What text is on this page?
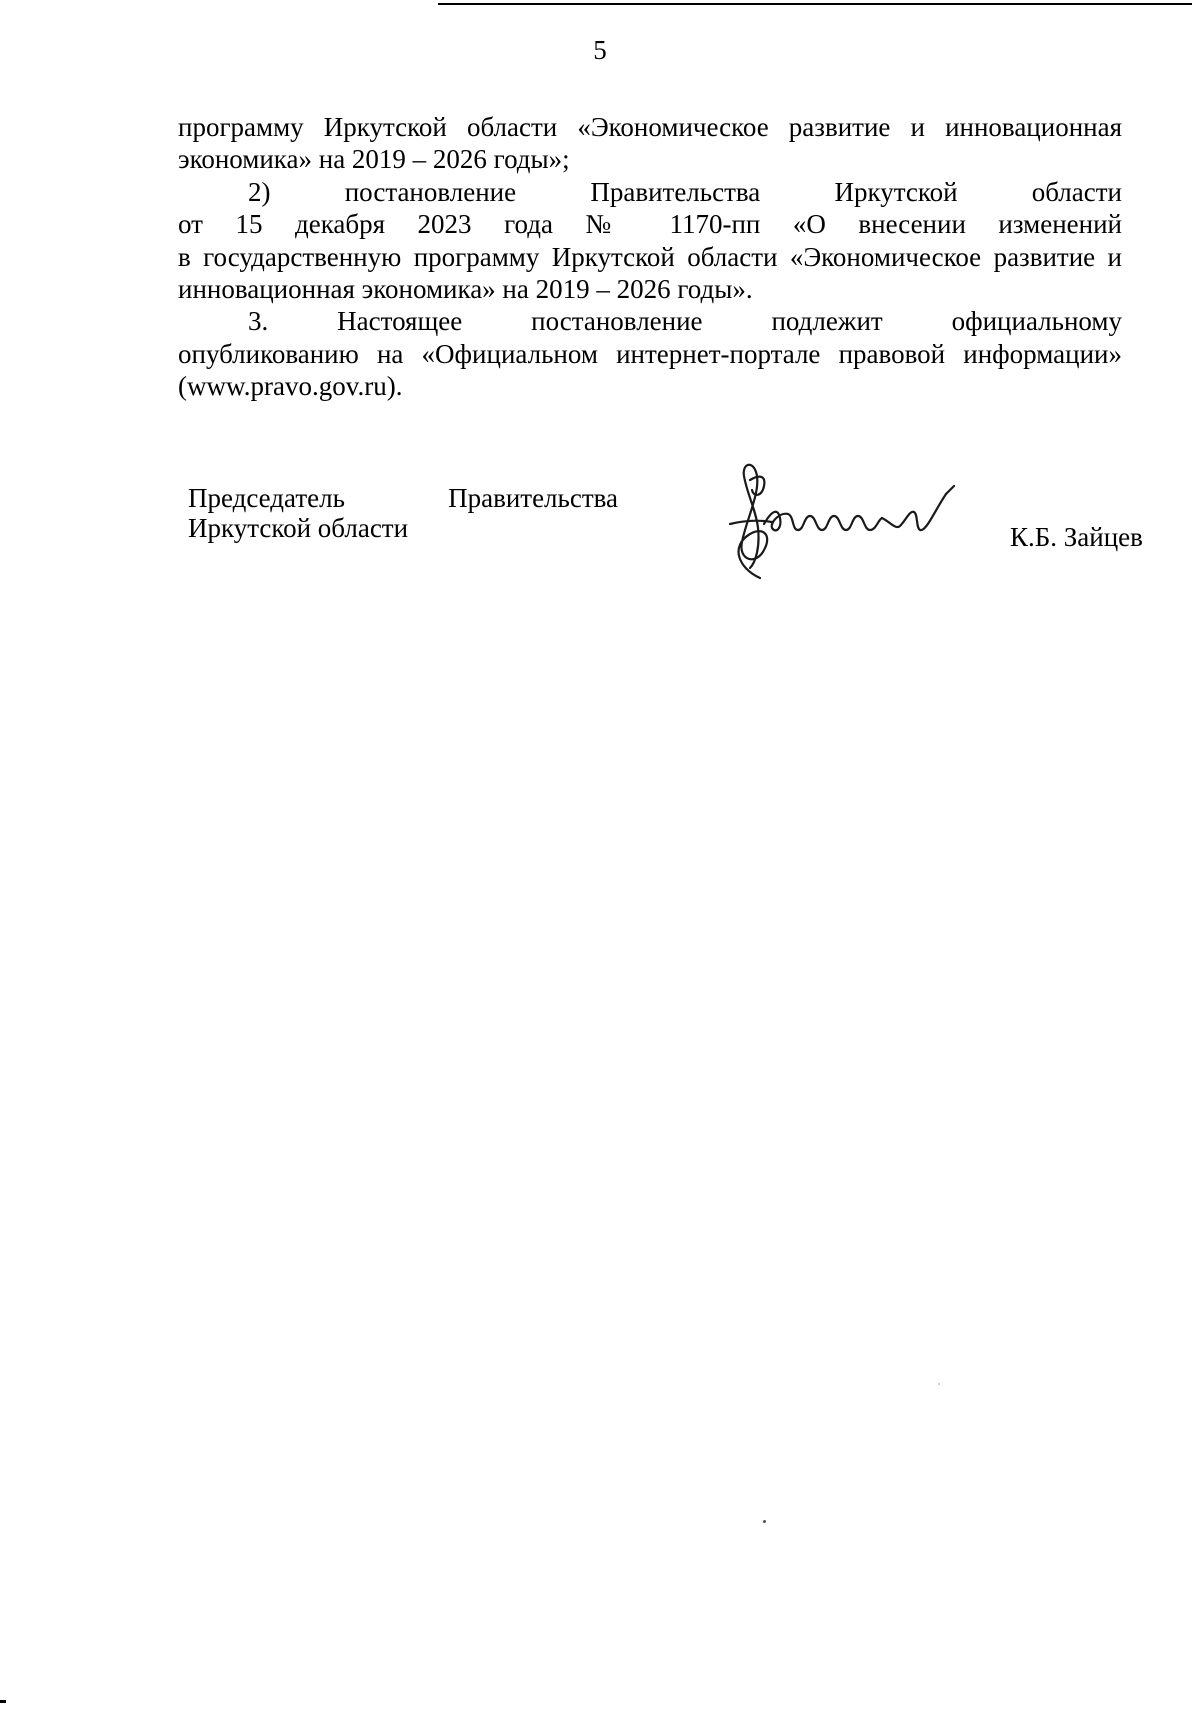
5

программу Иркутской области «Экономическое развитие и инновационная экономика» на 2019 – 2026 годы»;

2) постановление Правительства Иркутской области

от 15 декабря 2023 года № 1170-пп «О внесении изменений
в государственную программу Иркутской области «Экономическое развитие и инновационная экономика» на 2019 – 2026 годы».

3. Настоящее постановление подлежит официальному

опубликованию на «Официальном интернет-портале правовой информации» (www.pravo.gov.ru).

Председатель Правительства
Иркутской области	К.Б. Зайцев
